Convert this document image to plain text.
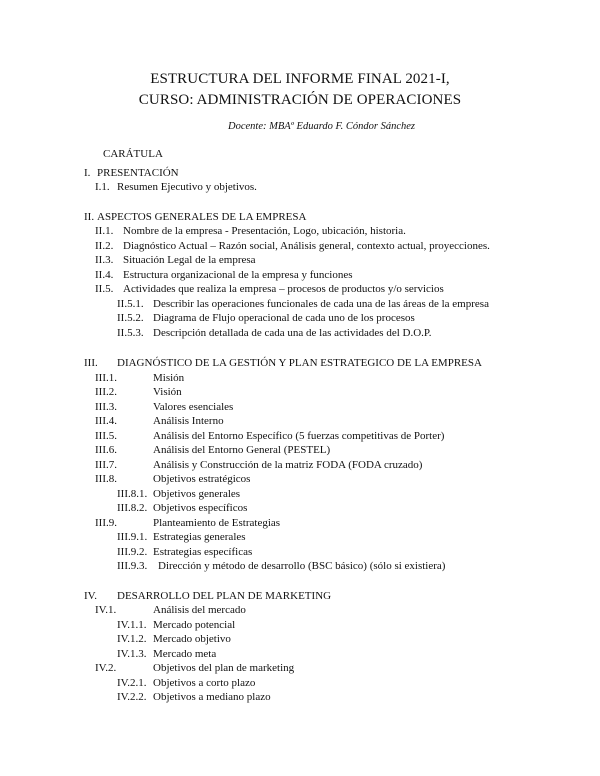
ESTRUCTURA DEL INFORME FINAL 2021-I,
CURSO: ADMINISTRACIÓN DE OPERACIONES
Docente: MBAº Eduardo F. Cóndor Sánchez
CARÁTULA
I. PRESENTACIÓN
I.1. Resumen Ejecutivo y objetivos.
II. ASPECTOS GENERALES DE LA EMPRESA
II.1. Nombre de la empresa - Presentación, Logo, ubicación, historia.
II.2. Diagnóstico Actual – Razón social, Análisis general, contexto actual, proyecciones.
II.3. Situación Legal de la empresa
II.4. Estructura organizacional de la empresa y funciones
II.5. Actividades que realiza la empresa – procesos de productos y/o servicios
II.5.1. Describir las operaciones funcionales de cada una de las áreas de la empresa
II.5.2. Diagrama de Flujo operacional de cada uno de los procesos
II.5.3. Descripción detallada de cada una de las actividades del D.O.P.
III. DIAGNÓSTICO DE LA GESTIÓN Y PLAN ESTRATEGICO DE LA EMPRESA
III.1.	Misión
III.2.	Visión
III.3.	Valores esenciales
III.4.	Análisis Interno
III.5.	Análisis del Entorno Específico (5 fuerzas competitivas de Porter)
III.6.	Análisis del Entorno General (PESTEL)
III.7.	Análisis y Construcción de la matriz FODA (FODA cruzado)
III.8.	Objetivos estratégicos
III.8.1. Objetivos generales
III.8.2. Objetivos específicos
III.9.	Planteamiento de Estrategias
III.9.1. Estrategias generales
III.9.2. Estrategias específicas
III.9.3. Dirección y método de desarrollo (BSC básico) (sólo si existiera)
IV. DESARROLLO DEL PLAN DE MARKETING
IV.1.	Análisis del mercado
IV.1.1. Mercado potencial
IV.1.2. Mercado objetivo
IV.1.3. Mercado meta
IV.2.	Objetivos del plan de marketing
IV.2.1. Objetivos a corto plazo
IV.2.2. Objetivos a mediano plazo
